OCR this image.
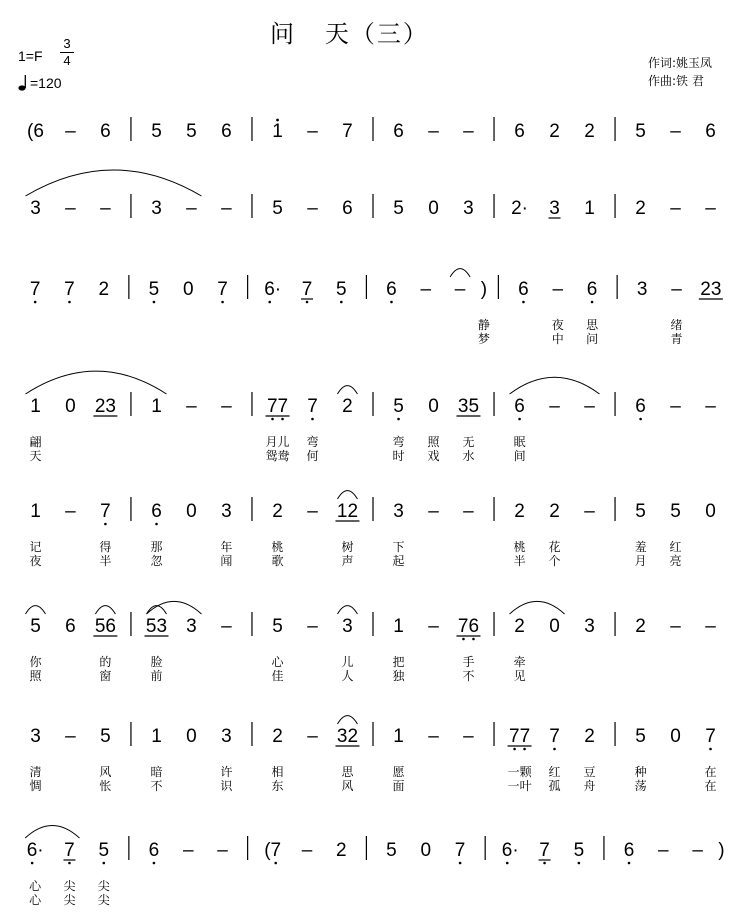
问   天（三）
1=F
3
4
=120
作词:姚玉凤
作曲:铁 君
(6 – 6 5 5 6 1 – 7 6 – – 6 2 2 5 – 6
3 – – 3 – – 5 – 6 5 0 3 2· 3 1 2 – –
7 7 2 5 0 7 6· 7 5 6 – – ) 6 – 6 3 – 23
1 0 23 1 – – 77 7 2 5 0 35 6 – – 6 – –
1 – 7 6 0 3 2 – 12 3 – – 2 2 – 5 5 0
5 6 56 53 3 – 5 – 3 1 – 76 2 0 3 2 – –
3 – 5 1 0 3 2 – 32 1 – – 77 7 2 5 0 7
6· 7 5 6 – – (7 – 2 5 0 7 6· 7 5 6 – – )
静	夜 思	绪
梦	中 问	青
翩	月儿 弯	弯 照 无	眠
天	鸳鸯 何	时 戏 水	间
记	得	那	年	桃	树	下	桃 花	羞 红
夜	半	忽	闻	歌	声	起	半 个	月 亮
你	的	脸	心	儿	把	手	牵
照	窗	前	佳	人	独	不	见
清	风	暗	许	相	思	愿	一颗 红 豆	种	在
惆	怅	不	识	东	风	面	一叶 孤 舟	荡	在
心 尖 尖
心 尖 尖
